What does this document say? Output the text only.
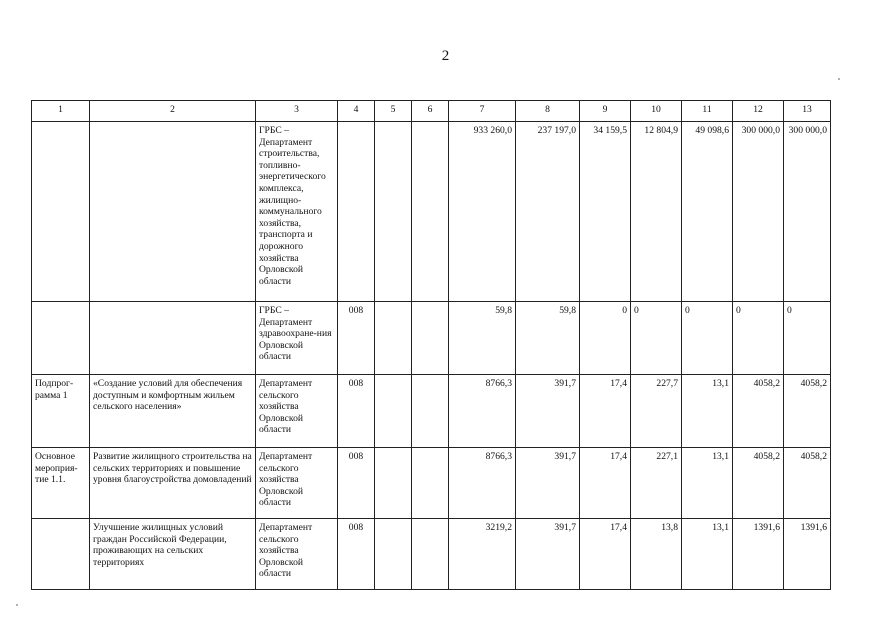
2
1	2	3	4	5	6	7	8	9	10	11	12	13
		ГРБС – Департамент строительства, топливно-энергетического комплекса, жилищно-коммунального хозяйства, транспорта и дорожного хозяйства Орловской области				933 260,0	237 197,0	34 159,5	12 804,9	49 098,6	300 000,0	300 000,0
		ГРБС – Департамент здравоохране-ния Орловской области	008			59,8	59,8	0	0	0	0	0
Подпрог-рамма 1	«Создание условий для обеспечения доступным и комфортным жильем сельского населения»	Департамент сельского хозяйства Орловской области	008			8766,3	391,7	17,4	227,7	13,1	4058,2	4058,2
Основное мероприя-тие 1.1.	Развитие жилищного строительства на сельских территориях и повышение уровня благоустройства домовладений	Департамент сельского хозяйства Орловской области	008			8766,3	391,7	17,4	227,1	13,1	4058,2	4058,2
	Улучшение жилищных условий граждан Российской Федерации, проживающих на сельских территориях	Департамент сельского хозяйства Орловской области	008			3219,2	391,7	17,4	13,8	13,1	1391,6	1391,6
